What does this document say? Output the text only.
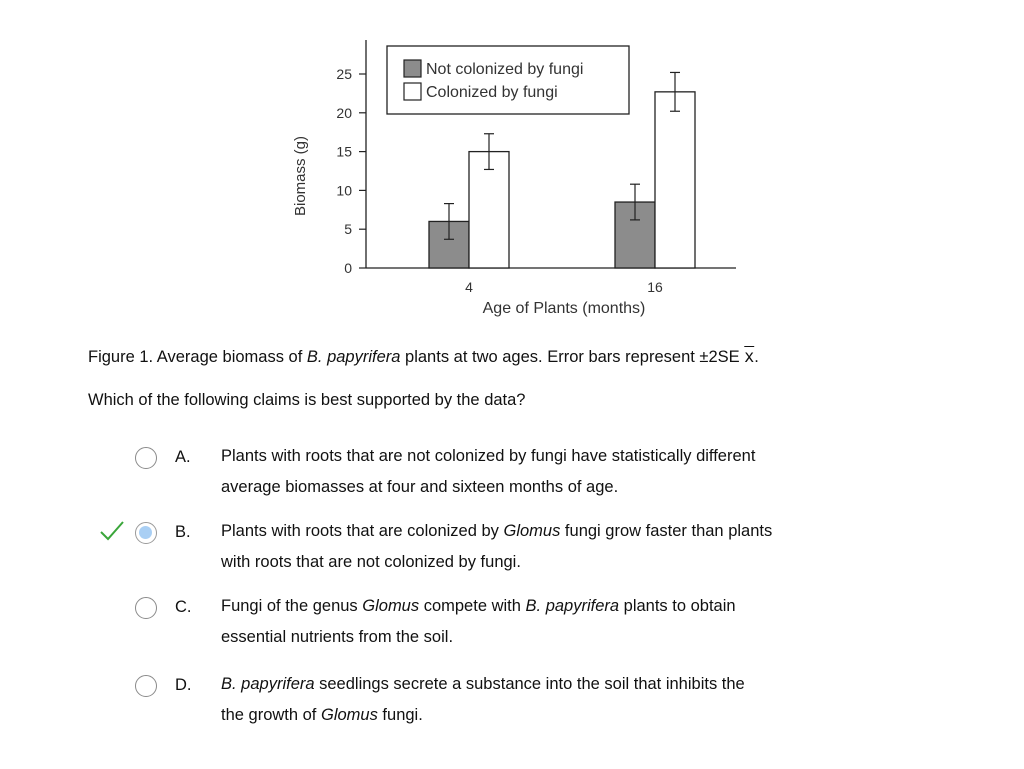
0
5
10
15
20
25
Biomass (g)
4	16
Age of Plants (months)
Not colonized by fungi
Colonized by fungi
Figure 1. Average biomass of B. papyrifera plants at two ages. Error bars represent ±2SE $\overline{x}$.
Which of the following claims is best supported by the data?
A. Plants with roots that are not colonized by fungi have statistically different
average biomasses at four and sixteen months of age.
B. Plants with roots that are colonized by Glomus fungi grow faster than plants
with roots that are not colonized by fungi.
C. Fungi of the genus Glomus compete with B. papyrifera plants to obtain
essential nutrients from the soil.
D. B. papyrifera seedlings secrete a substance into the soil that inhibits the
the growth of Glomus fungi.
